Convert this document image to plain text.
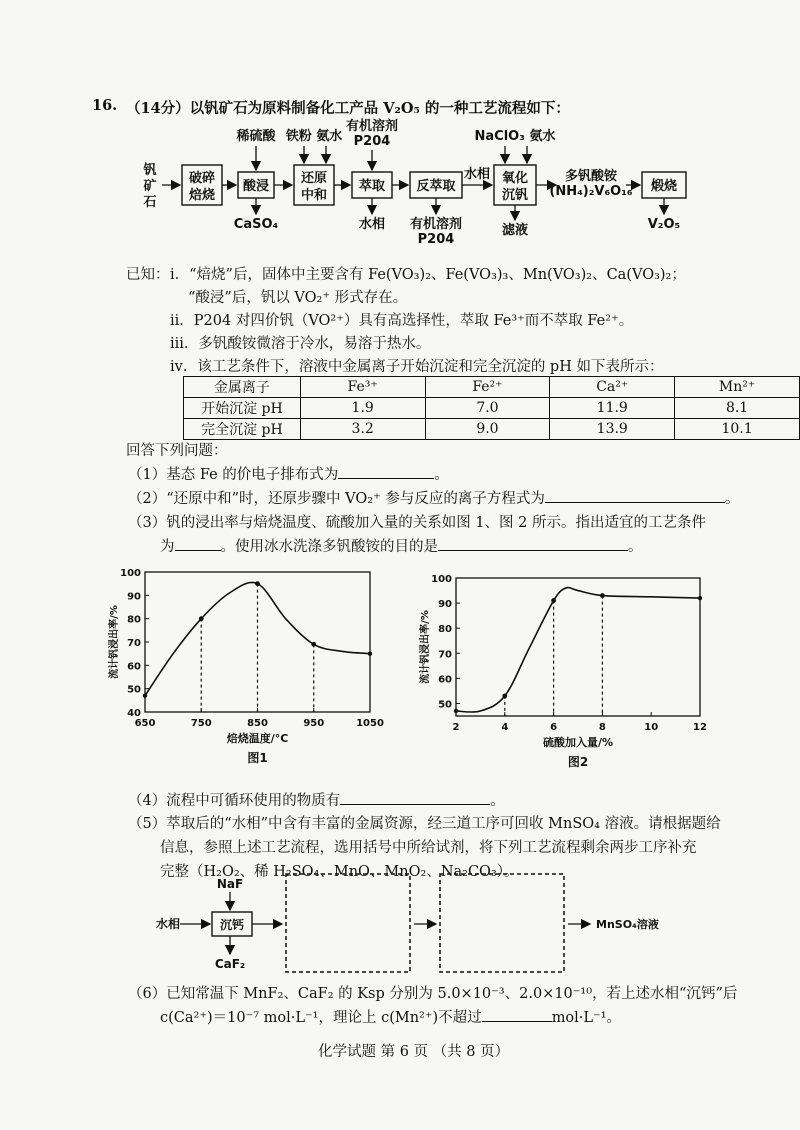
16. （14分）以钒矿石为原料制备化工产品 V₂O₅ 的一种工艺流程如下：
钒
矿
石
破碎
焙烧
酸浸
稀硫酸
CaSO₄
还原
中和
铁粉 氨水
萃取
有机溶剂 P204
水相
反萃取
有机溶剂 P204
水相 氧化
沉钒
NaClO₃ 氨水
滤液
多钒酸铵(NH₄)₂V₆O₁₆ 煅烧
V₂O₅
已知： i．“焙烧”后，固体中主要含有 Fe(VO₃)₂、Fe(VO₃)₃、Mn(VO₃)₂、Ca(VO₃)₂；
“酸浸”后，钒以 VO₂⁺ 形式存在。
ii．P204 对四价钒（VO²⁺）具有高选择性，萃取 Fe³⁺而不萃取 Fe²⁺。
iii．多钒酸铵微溶于冷水，易溶于热水。
iv．该工艺条件下，溶液中金属离子开始沉淀和完全沉淀的 pH 如下表所示：
金属离子	Fe³⁺	Fe²⁺	Ca²⁺	Mn²⁺
开始沉淀 pH	1.9	7.0	11.9	8.1
完全沉淀 pH	3.2	9.0	13.9	10.1
回答下列问题：
（1）基态 Fe 的价电子排布式为	。
（2）“还原中和”时，还原步骤中 VO₂⁺ 参与反应的离子方程式为	。
（3）钒的浸出率与焙烧温度、硫酸加入量的关系如图 1、图 2 所示。指出适宜的工艺条件
为	。使用冰水洗涤多钒酸铵的目的是	。
40
50
60
70
80
90
100
650	750	850	950	1050
焙烧温度/°C
流计钒浸出率/%
图1
50
60
70
80
90
100
2	4	6	8	10	12
硫酸加入量/%
流计钒浸出率/%
图2
（4）流程中可循环使用的物质有	。
（5）萃取后的“水相”中含有丰富的金属资源，经三道工序可回收 MnSO₄ 溶液。请根据题给
信息，参照上述工艺流程，选用括号中所给试剂，将下列工艺流程剩余两步工序补充
完整（H₂O₂、稀 H₂SO₄、MnO、MnO₂、Na₂CO₃）。
水相
NaF
沉钙
CaF₂
MnSO₄溶液
（6）已知常温下 MnF₂、CaF₂ 的 Ksp 分别为 5.0×10⁻³、2.0×10⁻¹⁰，若上述水相“沉钙”后
c(Ca²⁺)＝10⁻⁷ mol·L⁻¹，理论上 c(Mn²⁺)不超过	mol·L⁻¹。
化学试题 第 6 页 （共 8 页）
